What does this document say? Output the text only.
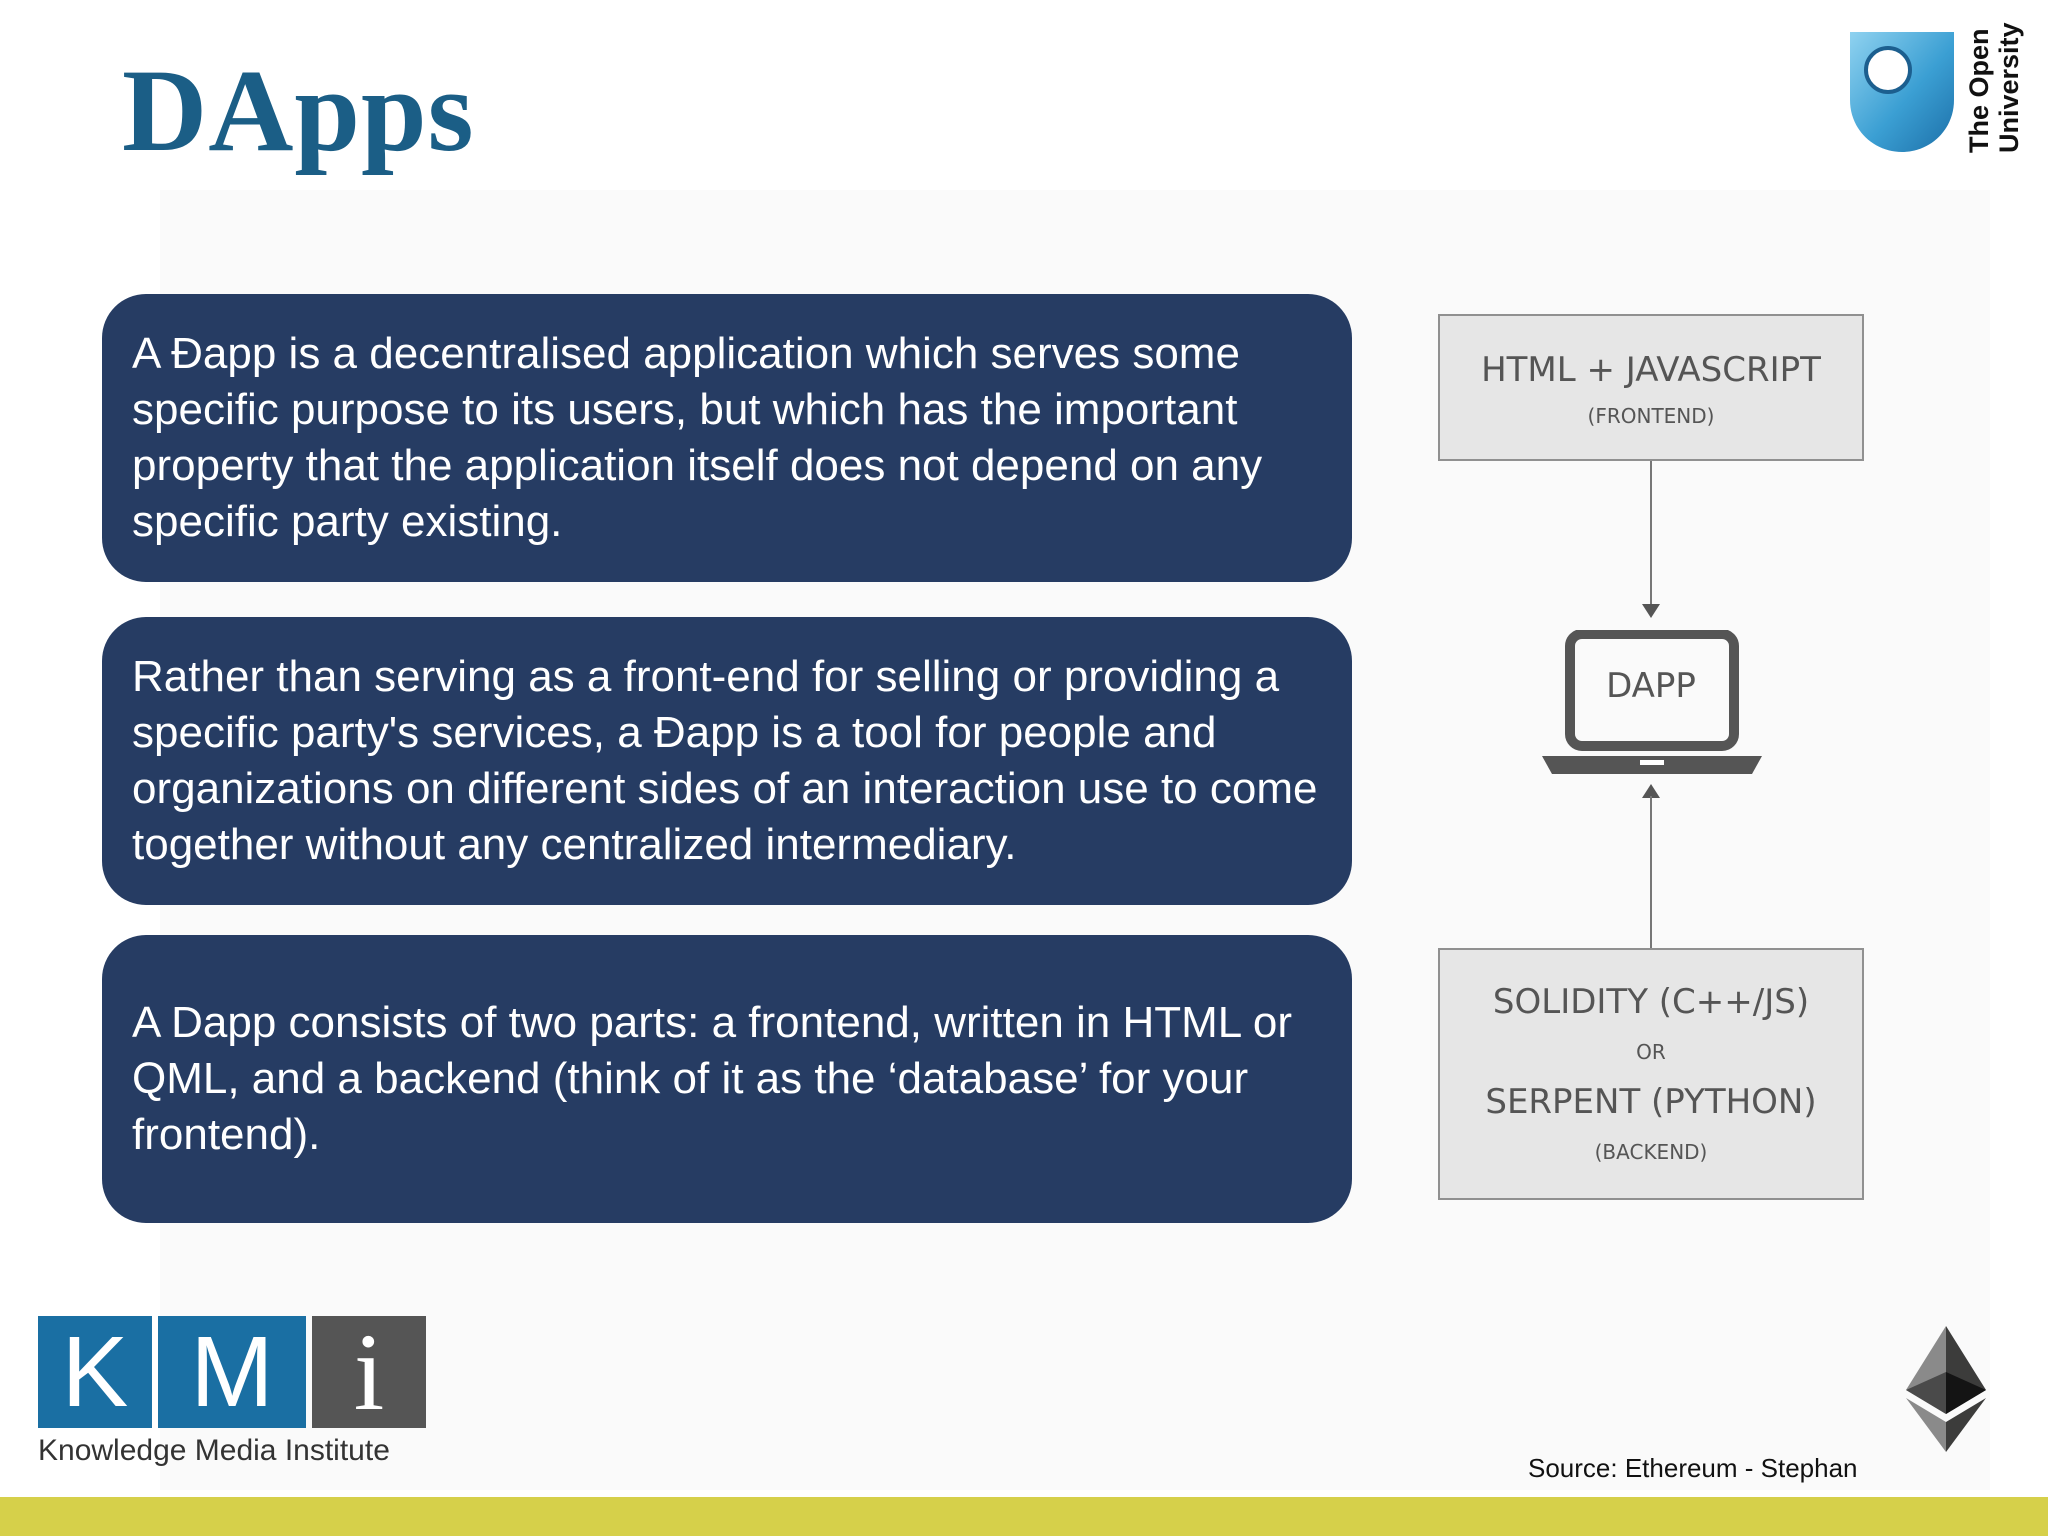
DApps	The Open University

A Đapp is a decentralised application which serves some specific purpose to its users, but which has the important property that the application itself does not depend on any specific party existing.

Rather than serving as a front-end for selling or providing a specific party's services, a Đapp is a tool for people and organizations on different sides of an interaction use to come together without any centralized intermediary.

A Dapp consists of two parts: a frontend, written in HTML or QML, and a backend (think of it as the ‘database’ for your frontend).

HTML + JAVASCRIPT
(FRONTEND)
DAPP
SOLIDITY (C++/JS)
OR
SERPENT (PYTHON)
(BACKEND)
K M i
Knowledge Media Institute
Source: Ethereum - Stephan
